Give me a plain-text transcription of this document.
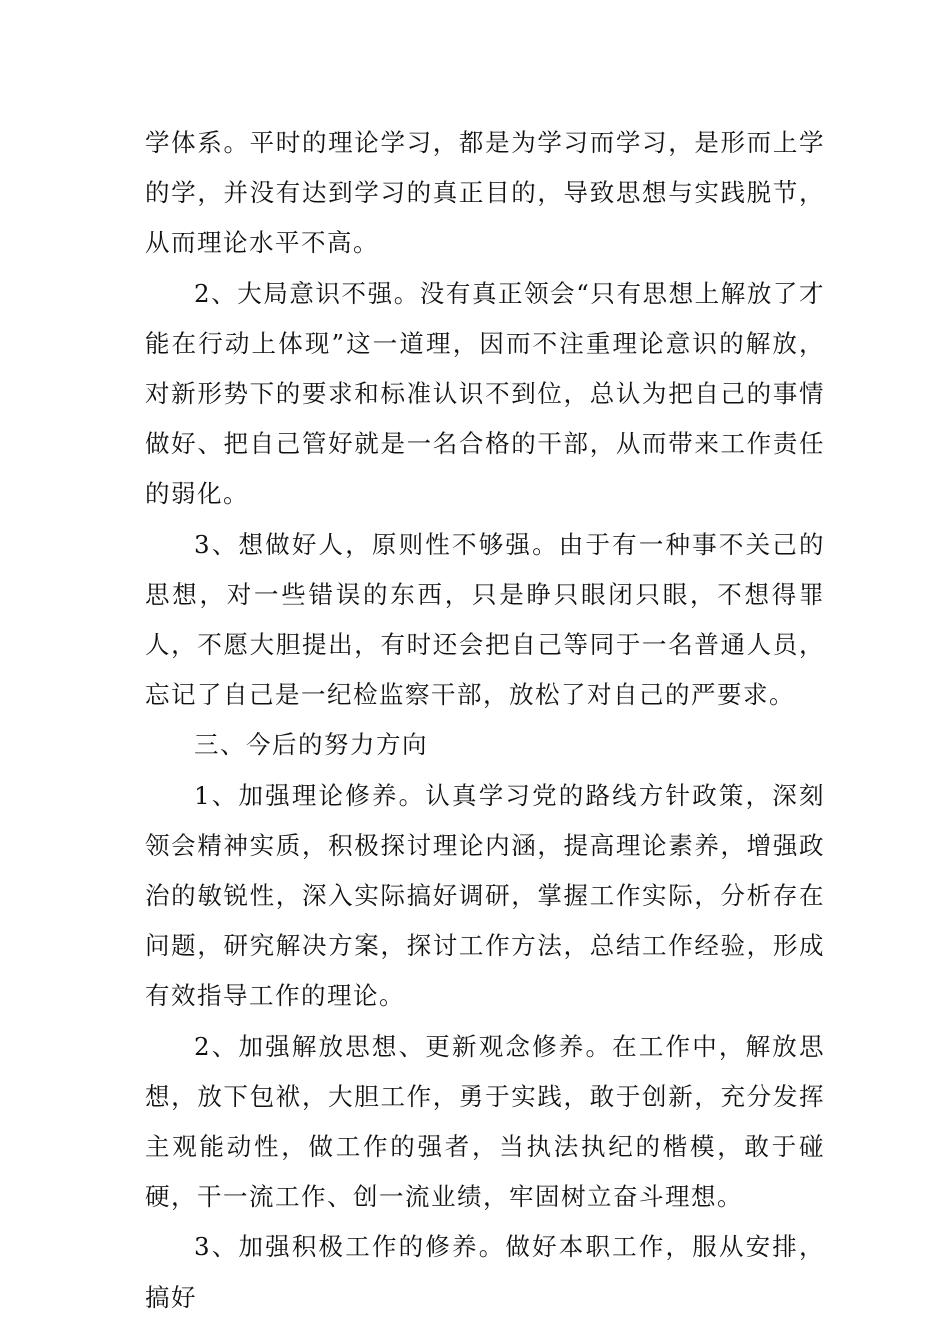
学体系。平时的理论学习，都是为学习而学习，是形而上学的学，并没有达到学习的真正目的，导致思想与实践脱节，从而理论水平不高。

2、大局意识不强。没有真正领会“只有思想上解放了才能在行动上体现”这一道理，因而不注重理论意识的解放，对新形势下的要求和标准认识不到位，总认为把自己的事情做好、把自己管好就是一名合格的干部，从而带来工作责任的弱化。

3、想做好人，原则性不够强。由于有一种事不关己的思想，对一些错误的东西，只是睁只眼闭只眼，不想得罪人，不愿大胆提出，有时还会把自己等同于一名普通人员，忘记了自己是一纪检监察干部，放松了对自己的严要求。

三、今后的努力方向

1、加强理论修养。认真学习党的路线方针政策，深刻领会精神实质，积极探讨理论内涵，提高理论素养，增强政治的敏锐性，深入实际搞好调研，掌握工作实际，分析存在问题，研究解决方案，探讨工作方法，总结工作经验，形成有效指导工作的理论。

2、加强解放思想、更新观念修养。在工作中，解放思想，放下包袱，大胆工作，勇于实践，敢于创新，充分发挥主观能动性，做工作的强者，当执法执纪的楷模，敢于碰硬，干一流工作、创一流业绩，牢固树立奋斗理想。

3、加强积极工作的修养。做好本职工作，服从安排，搞好
